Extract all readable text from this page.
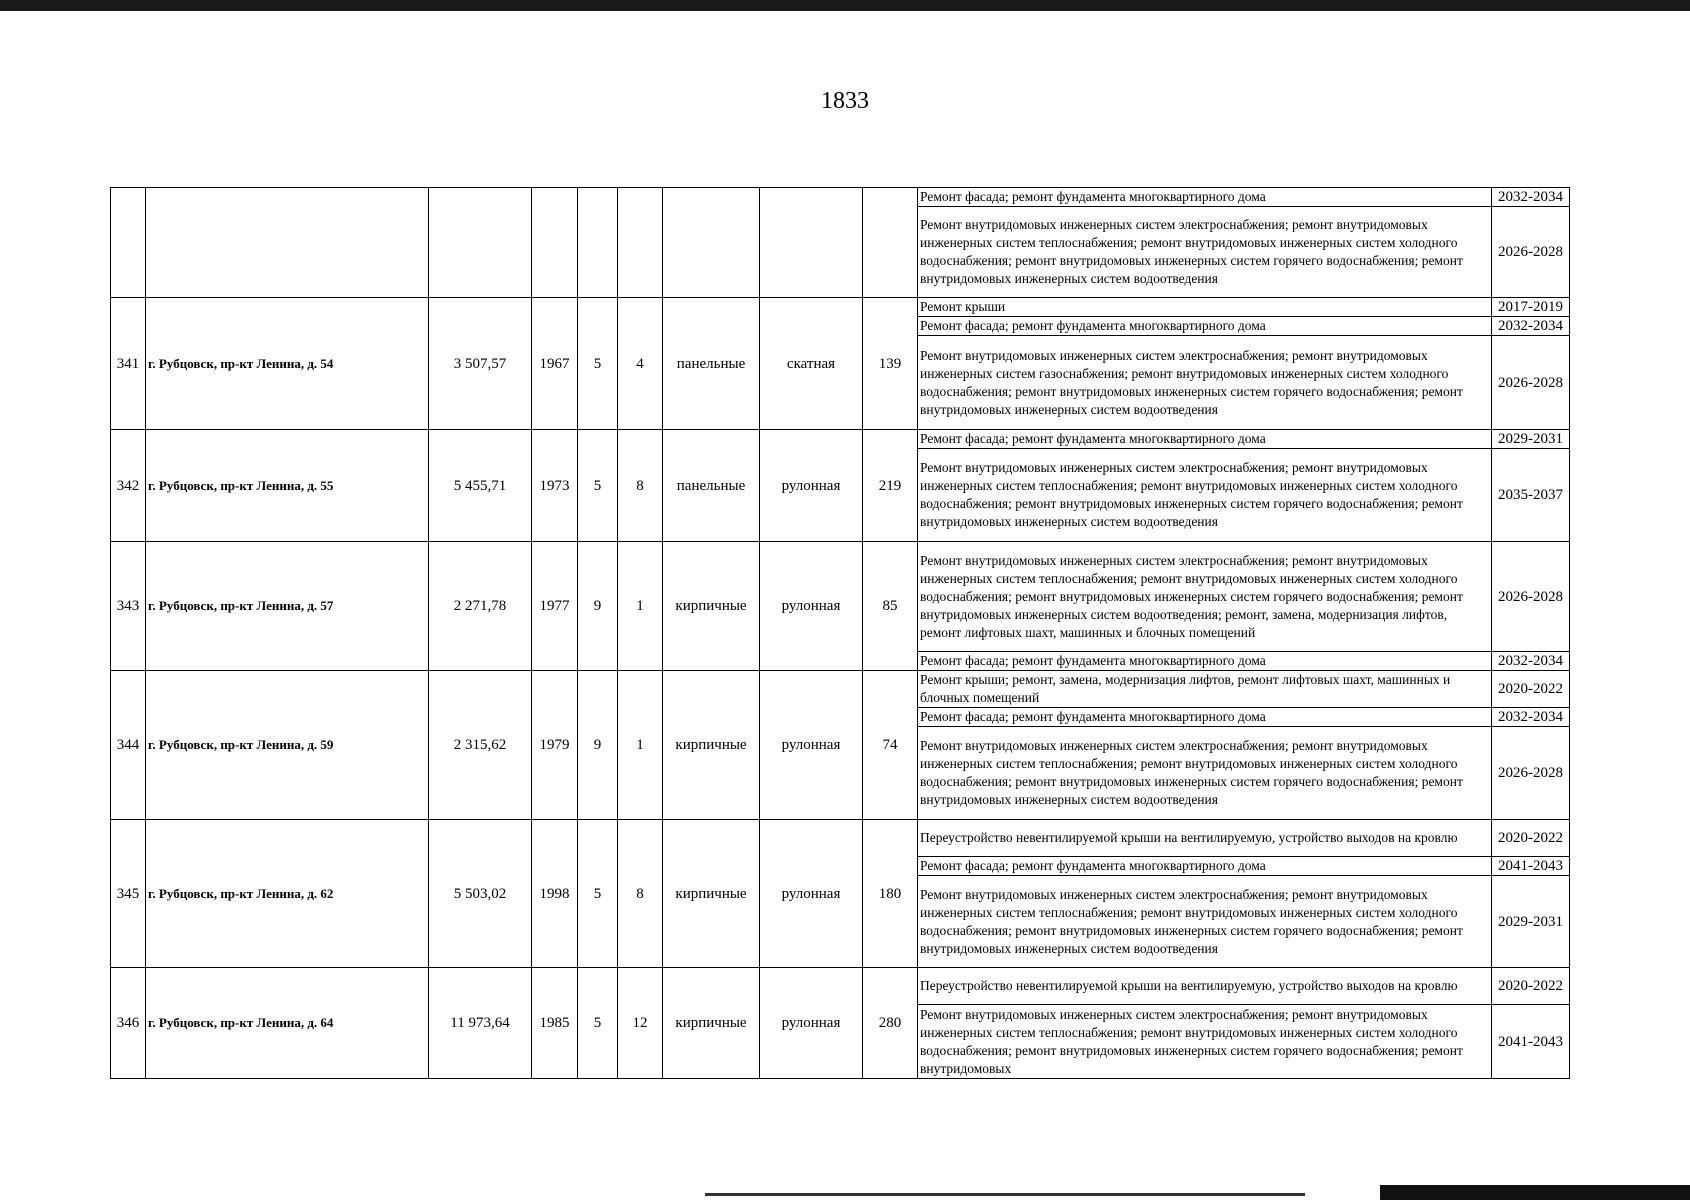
1833
									Ремонт фасада; ремонт фундамента многоквартирного дома	2032-2034
									Ремонт внутридомовых инженерных систем электроснабжения; ремонт внутридомовых инженерных систем теплоснабжения; ремонт внутридомовых инженерных систем холодного водоснабжения; ремонт внутридомовых инженерных систем горячего водоснабжения; ремонт внутридомовых инженерных систем водоотведения	2026-2028
341	г. Рубцовск, пр-кт Ленина, д. 54	3 507,57	1967	5	4	панельные	скатная	139	Ремонт крыши	2017-2019
									Ремонт фасада; ремонт фундамента многоквартирного дома	2032-2034
									Ремонт внутридомовых инженерных систем электроснабжения; ремонт внутридомовых инженерных систем газоснабжения; ремонт внутридомовых инженерных систем холодного водоснабжения; ремонт внутридомовых инженерных систем горячего водоснабжения; ремонт внутридомовых инженерных систем водоотведения	2026-2028
342	г. Рубцовск, пр-кт Ленина, д. 55	5 455,71	1973	5	8	панельные	рулонная	219	Ремонт фасада; ремонт фундамента многоквартирного дома	2029-2031
									Ремонт внутридомовых инженерных систем электроснабжения; ремонт внутридомовых инженерных систем теплоснабжения; ремонт внутридомовых инженерных систем холодного водоснабжения; ремонт внутридомовых инженерных систем горячего водоснабжения; ремонт внутридомовых инженерных систем водоотведения	2035-2037
343	г. Рубцовск, пр-кт Ленина, д. 57	2 271,78	1977	9	1	кирпичные	рулонная	85	Ремонт внутридомовых инженерных систем электроснабжения; ремонт внутридомовых инженерных систем теплоснабжения; ремонт внутридомовых инженерных систем холодного водоснабжения; ремонт внутридомовых инженерных систем горячего водоснабжения; ремонт внутридомовых инженерных систем водоотведения; ремонт, замена, модернизация лифтов, ремонт лифтовых шахт, машинных и блочных помещений	2026-2028
									Ремонт фасада; ремонт фундамента многоквартирного дома	2032-2034
344	г. Рубцовск, пр-кт Ленина, д. 59	2 315,62	1979	9	1	кирпичные	рулонная	74	Ремонт крыши; ремонт, замена, модернизация лифтов, ремонт лифтовых шахт, машинных и блочных помещений	2020-2022
									Ремонт фасада; ремонт фундамента многоквартирного дома	2032-2034
									Ремонт внутридомовых инженерных систем электроснабжения; ремонт внутридомовых инженерных систем теплоснабжения; ремонт внутридомовых инженерных систем холодного водоснабжения; ремонт внутридомовых инженерных систем горячего водоснабжения; ремонт внутридомовых инженерных систем водоотведения	2026-2028
345	г. Рубцовск, пр-кт Ленина, д. 62	5 503,02	1998	5	8	кирпичные	рулонная	180	Переустройство невентилируемой крыши на вентилируемую, устройство выходов на кровлю	2020-2022
									Ремонт фасада; ремонт фундамента многоквартирного дома	2041-2043
									Ремонт внутридомовых инженерных систем электроснабжения; ремонт внутридомовых инженерных систем теплоснабжения; ремонт внутридомовых инженерных систем холодного водоснабжения; ремонт внутридомовых инженерных систем горячего водоснабжения; ремонт внутридомовых инженерных систем водоотведения	2029-2031
346	г. Рубцовск, пр-кт Ленина, д. 64	11 973,64	1985	5	12	кирпичные	рулонная	280	Переустройство невентилируемой крыши на вентилируемую, устройство выходов на кровлю	2020-2022
									Ремонт внутридомовых инженерных систем электроснабжения; ремонт внутридомовых инженерных систем теплоснабжения; ремонт внутридомовых инженерных систем холодного водоснабжения; ремонт внутридомовых инженерных систем горячего водоснабжения; ремонт внутридомовых	2041-2043
